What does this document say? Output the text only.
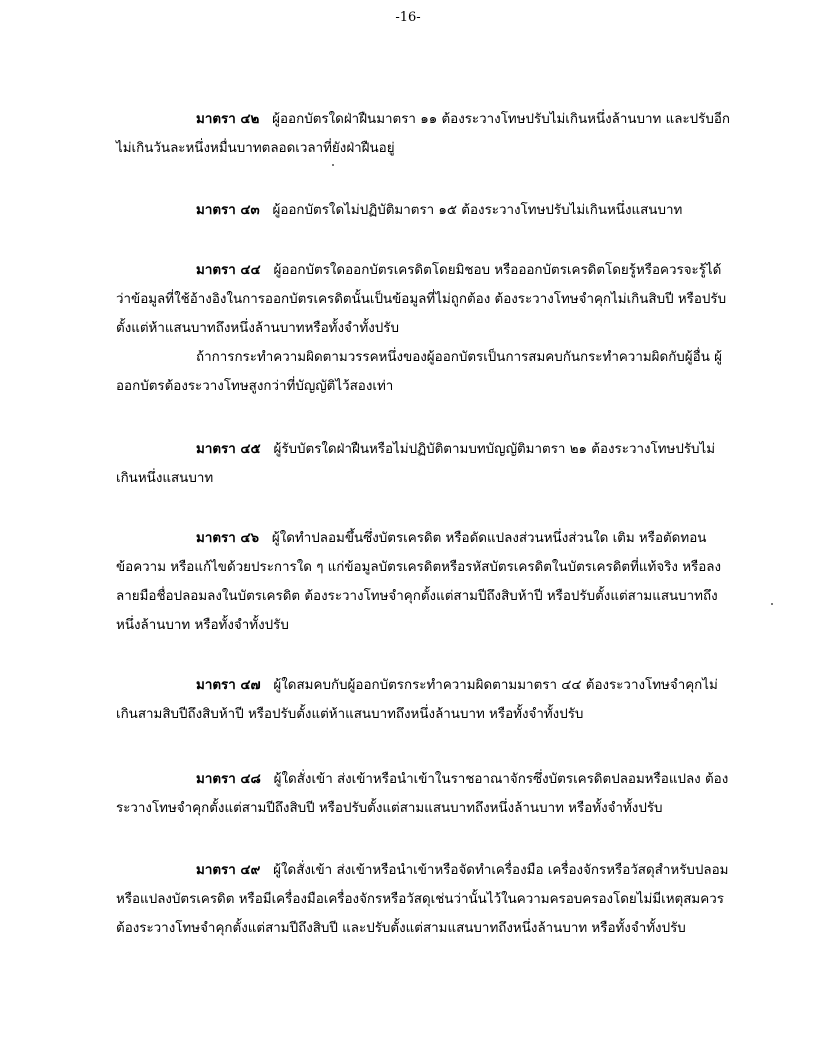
-16-
มาตรา ๔๒ ผู้ออกบัตรใดฝ่าฝืนมาตรา ๑๑ ต้องระวางโทษปรับไม่เกินหนึ่งล้านบาท และปรับอีกไม่เกินวันละหนึ่งหมื่นบาทตลอดเวลาที่ยังฝ่าฝืนอยู่
มาตรา ๔๓ ผู้ออกบัตรใดไม่ปฏิบัติมาตรา ๑๕ ต้องระวางโทษปรับไม่เกินหนึ่งแสนบาท
มาตรา ๔๔ ผู้ออกบัตรใดออกบัตรเครดิตโดยมิชอบ หรือออกบัตรเครดิตโดยรู้หรือควรจะรู้ได้ว่าข้อมูลที่ใช้อ้างอิงในการออกบัตรเครดิตนั้นเป็นข้อมูลที่ไม่ถูกต้อง ต้องระวางโทษจำคุกไม่เกินสิบปี หรือปรับตั้งแต่ห้าแสนบาทถึงหนึ่งล้านบาทหรือทั้งจำทั้งปรับ
ถ้าการกระทำความผิดตามวรรคหนึ่งของผู้ออกบัตรเป็นการสมคบกันกระทำความผิดกับผู้อื่น ผู้ออกบัตรต้องระวางโทษสูงกว่าที่บัญญัติไว้สองเท่า
มาตรา ๔๕ ผู้รับบัตรใดฝ่าฝืนหรือไม่ปฏิบัติตามบทบัญญัติมาตรา ๒๑ ต้องระวางโทษปรับไม่เกินหนึ่งแสนบาท
มาตรา ๔๖ ผู้ใดทำปลอมขึ้นซึ่งบัตรเครดิต หรือดัดแปลงส่วนหนึ่งส่วนใด เติม หรือตัดทอนข้อความ หรือแก้ไขด้วยประการใด ๆ แก่ข้อมูลบัตรเครดิตหรือรหัสบัตรเครดิตในบัตรเครดิตที่แท้จริง หรือลงลายมือชื่อปลอมลงในบัตรเครดิต ต้องระวางโทษจำคุกตั้งแต่สามปีถึงสิบห้าปี หรือปรับตั้งแต่สามแสนบาทถึงหนึ่งล้านบาท หรือทั้งจำทั้งปรับ
มาตรา ๔๗ ผู้ใดสมคบกับผู้ออกบัตรกระทำความผิดตามมาตรา ๔๔ ต้องระวางโทษจำคุกไม่เกินสามสิบปีถึงสิบห้าปี หรือปรับตั้งแต่ห้าแสนบาทถึงหนึ่งล้านบาท หรือทั้งจำทั้งปรับ
มาตรา ๔๘ ผู้ใดสั่งเข้า ส่งเข้าหรือนำเข้าในราชอาณาจักรซึ่งบัตรเครดิตปลอมหรือแปลง ต้องระวางโทษจำคุกตั้งแต่สามปีถึงสิบปี หรือปรับตั้งแต่สามแสนบาทถึงหนึ่งล้านบาท หรือทั้งจำทั้งปรับ
มาตรา ๔๙ ผู้ใดสั่งเข้า ส่งเข้าหรือนำเข้าหรือจัดทำเครื่องมือ เครื่องจักรหรือวัสดุสำหรับปลอมหรือแปลงบัตรเครดิต หรือมีเครื่องมือเครื่องจักรหรือวัสดุเช่นว่านั้นไว้ในความครอบครองโดยไม่มีเหตุสมควร ต้องระวางโทษจำคุกตั้งแต่สามปีถึงสิบปี และปรับตั้งแต่สามแสนบาทถึงหนึ่งล้านบาท หรือทั้งจำทั้งปรับ
